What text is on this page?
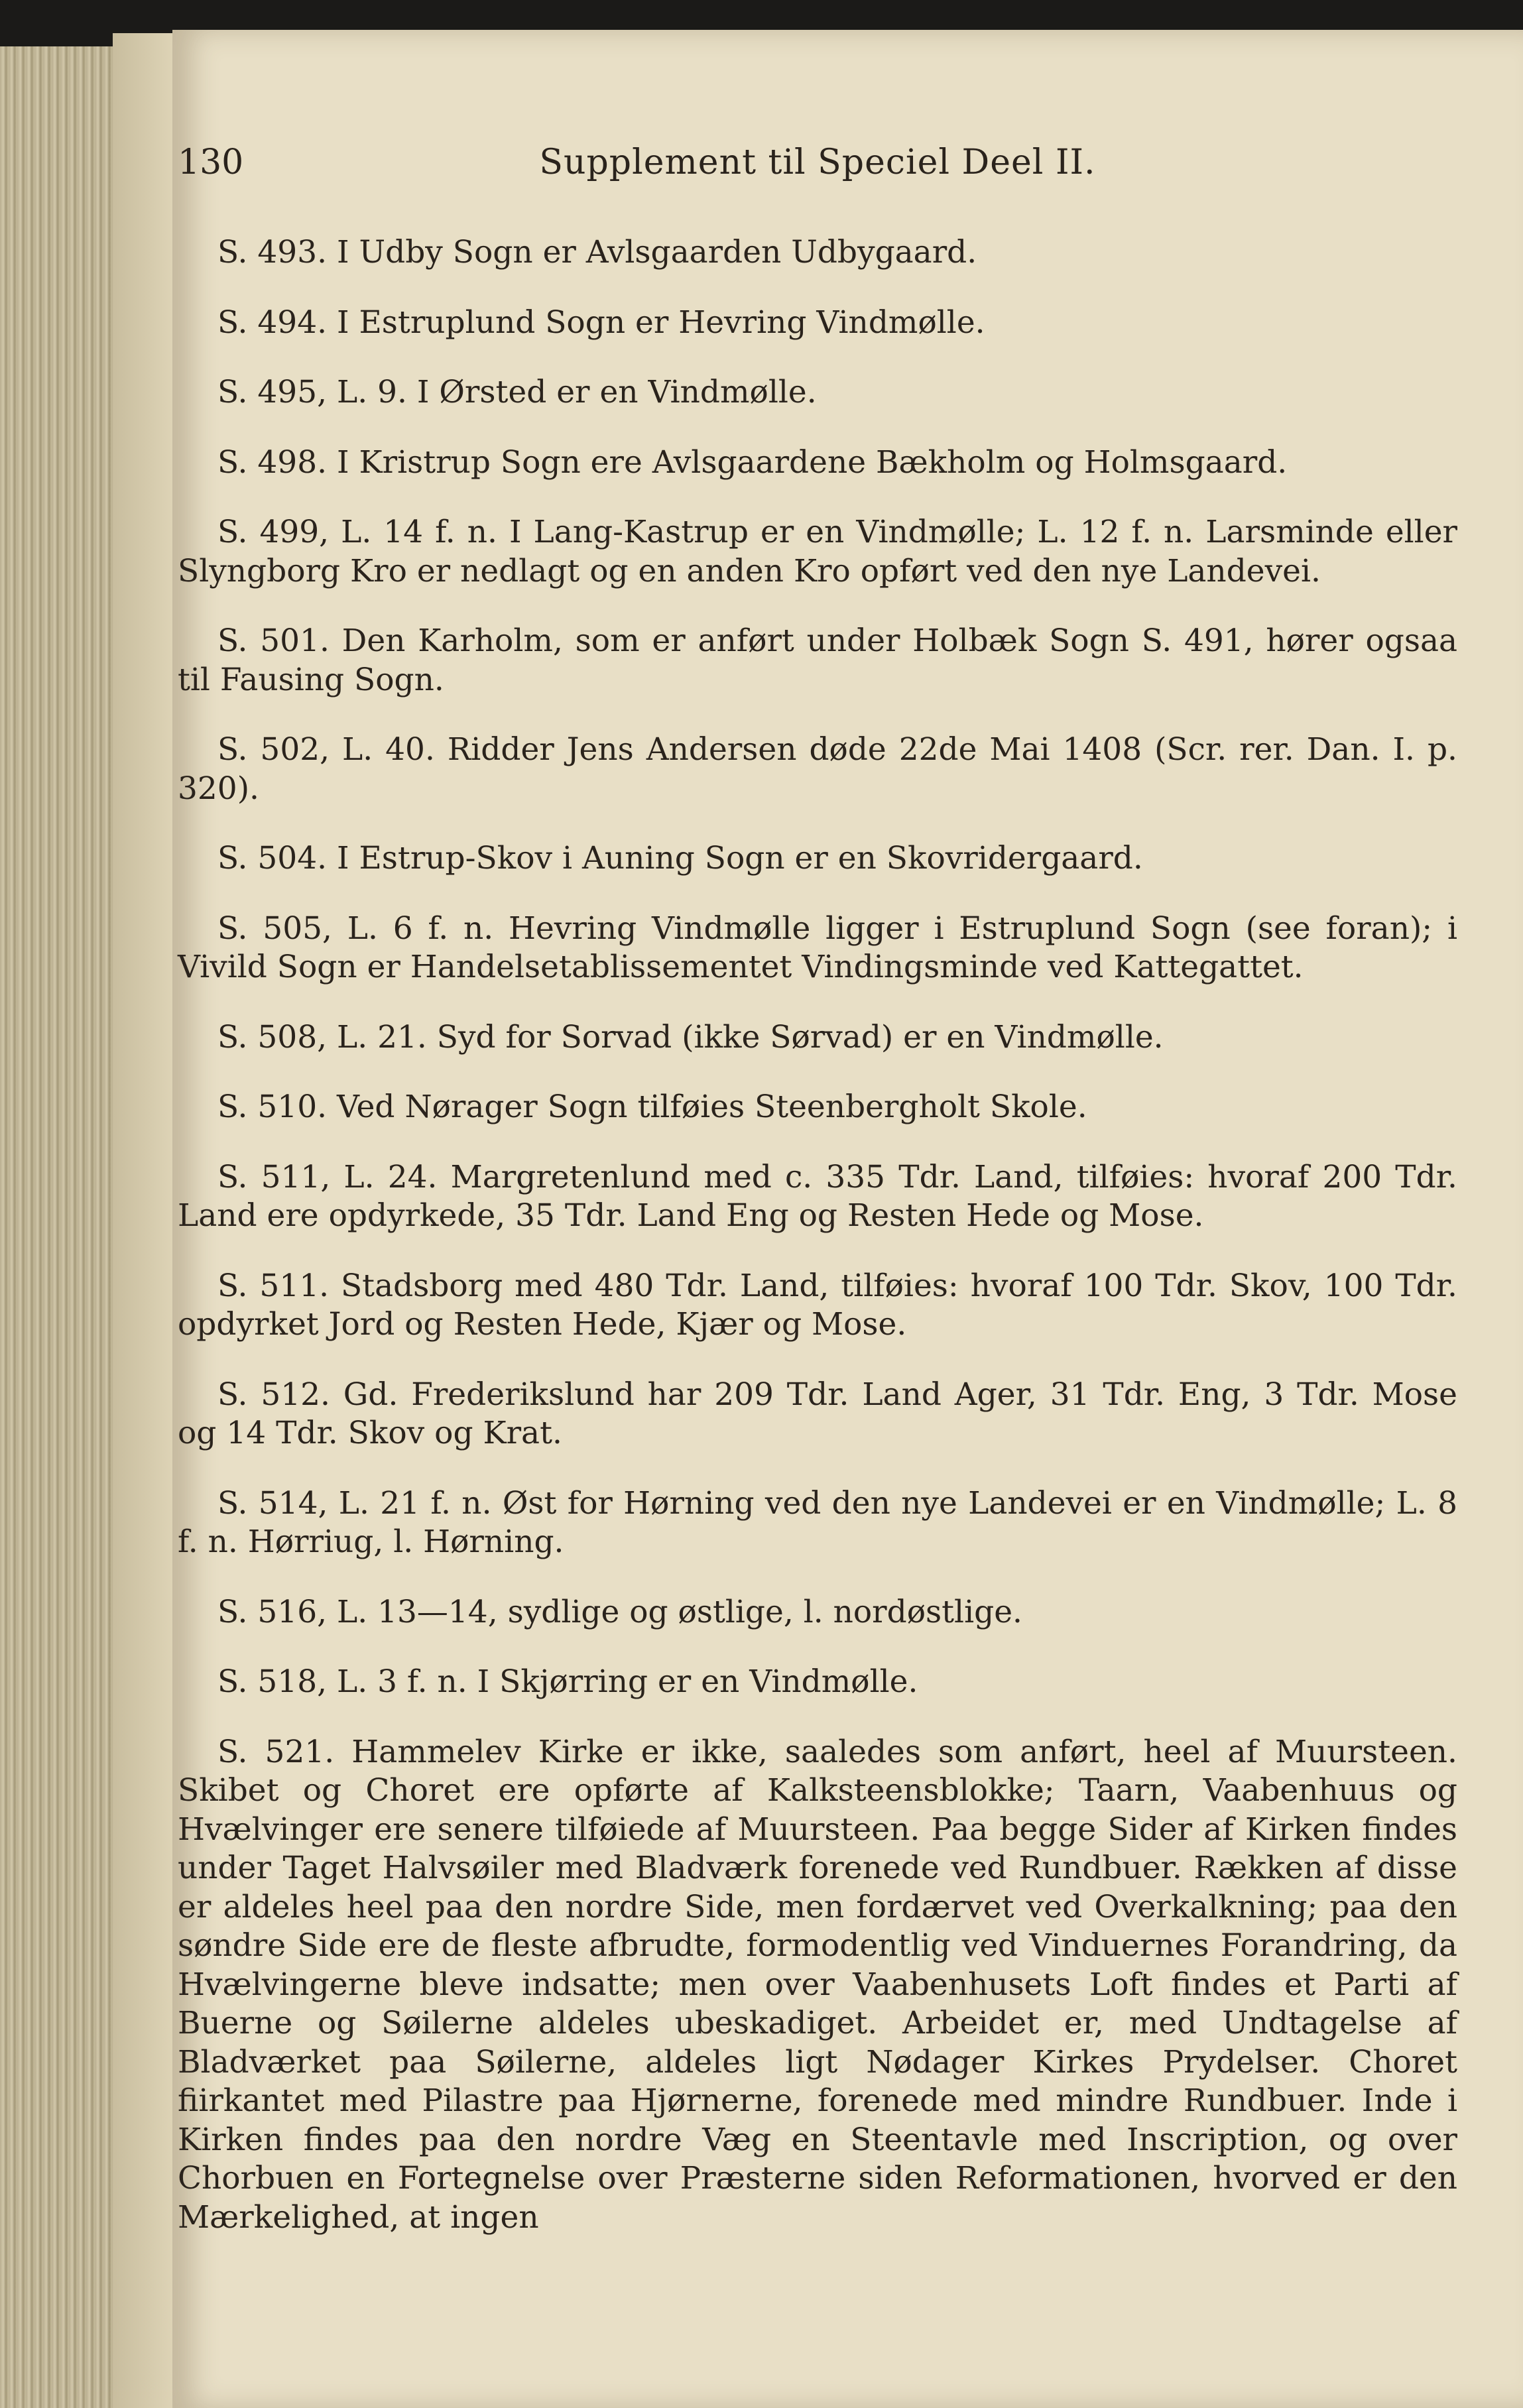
130	Supplement til Speciel Deel II.

S. 493. I Udby Sogn er Avlsgaarden Udbygaard.

S. 494. I Estruplund Sogn er Hevring Vindmølle.

S. 495, L. 9. I Ørsted er en Vindmølle.

S. 498. I Kristrup Sogn ere Avlsgaardene Bækholm og Holmsgaard.

S. 499, L. 14 f. n. I Lang-Kastrup er en Vindmølle; L. 12 f. n. Larsminde eller Slyngborg Kro er nedlagt og en anden Kro opført ved den nye Landevei.

S. 501. Den Karholm, som er anført under Holbæk Sogn S. 491, hører ogsaa til Fausing Sogn.

S. 502, L. 40. Ridder Jens Andersen døde 22de Mai 1408 (Scr. rer. Dan. I. p. 320).

S. 504. I Estrup-Skov i Auning Sogn er en Skovridergaard.

S. 505, L. 6 f. n. Hevring Vindmølle ligger i Estruplund Sogn (see foran); i Vivild Sogn er Handelsetablissementet Vindingsminde ved Kattegattet.

S. 508, L. 21. Syd for Sorvad (ikke Sørvad) er en Vindmølle.

S. 510. Ved Nørager Sogn tilføies Steenbergholt Skole.

S. 511, L. 24. Margretenlund med c. 335 Tdr. Land, tilføies: hvoraf 200 Tdr. Land ere opdyrkede, 35 Tdr. Land Eng og Resten Hede og Mose.

S. 511. Stadsborg med 480 Tdr. Land, tilføies: hvoraf 100 Tdr. Skov, 100 Tdr. opdyrket Jord og Resten Hede, Kjær og Mose.

S. 512. Gd. Frederikslund har 209 Tdr. Land Ager, 31 Tdr. Eng, 3 Tdr. Mose og 14 Tdr. Skov og Krat.

S. 514, L. 21 f. n. Øst for Hørning ved den nye Landevei er en Vindmølle; L. 8 f. n. Hørriug, l. Hørning.

S. 516, L. 13—14, sydlige og østlige, l. nordøstlige.

S. 518, L. 3 f. n. I Skjørring er en Vindmølle.

S. 521. Hammelev Kirke er ikke, saaledes som anført, heel af Muursteen. Skibet og Choret ere opførte af Kalksteensblokke; Taarn, Vaabenhuus og Hvælvinger ere senere tilføiede af Muursteen. Paa begge Sider af Kirken findes under Taget Halvsøiler med Bladværk forenede ved Rundbuer. Rækken af disse er aldeles heel paa den nordre Side, men fordærvet ved Overkalkning; paa den søndre Side ere de fleste afbrudte, formodentlig ved Vinduernes Forandring, da Hvælvingerne bleve indsatte; men over Vaabenhusets Loft findes et Parti af Buerne og Søilerne aldeles ubeskadiget. Arbeidet er, med Undtagelse af Bladværket paa Søilerne, aldeles ligt Nødager Kirkes Prydelser. Choret fiirkantet med Pilastre paa Hjørnerne, forenede med mindre Rundbuer. Inde i Kirken findes paa den nordre Væg en Steentavle med Inscription, og over Chorbuen en Fortegnelse over Præsterne siden Reformationen, hvorved er den Mærkelighed, at ingen
